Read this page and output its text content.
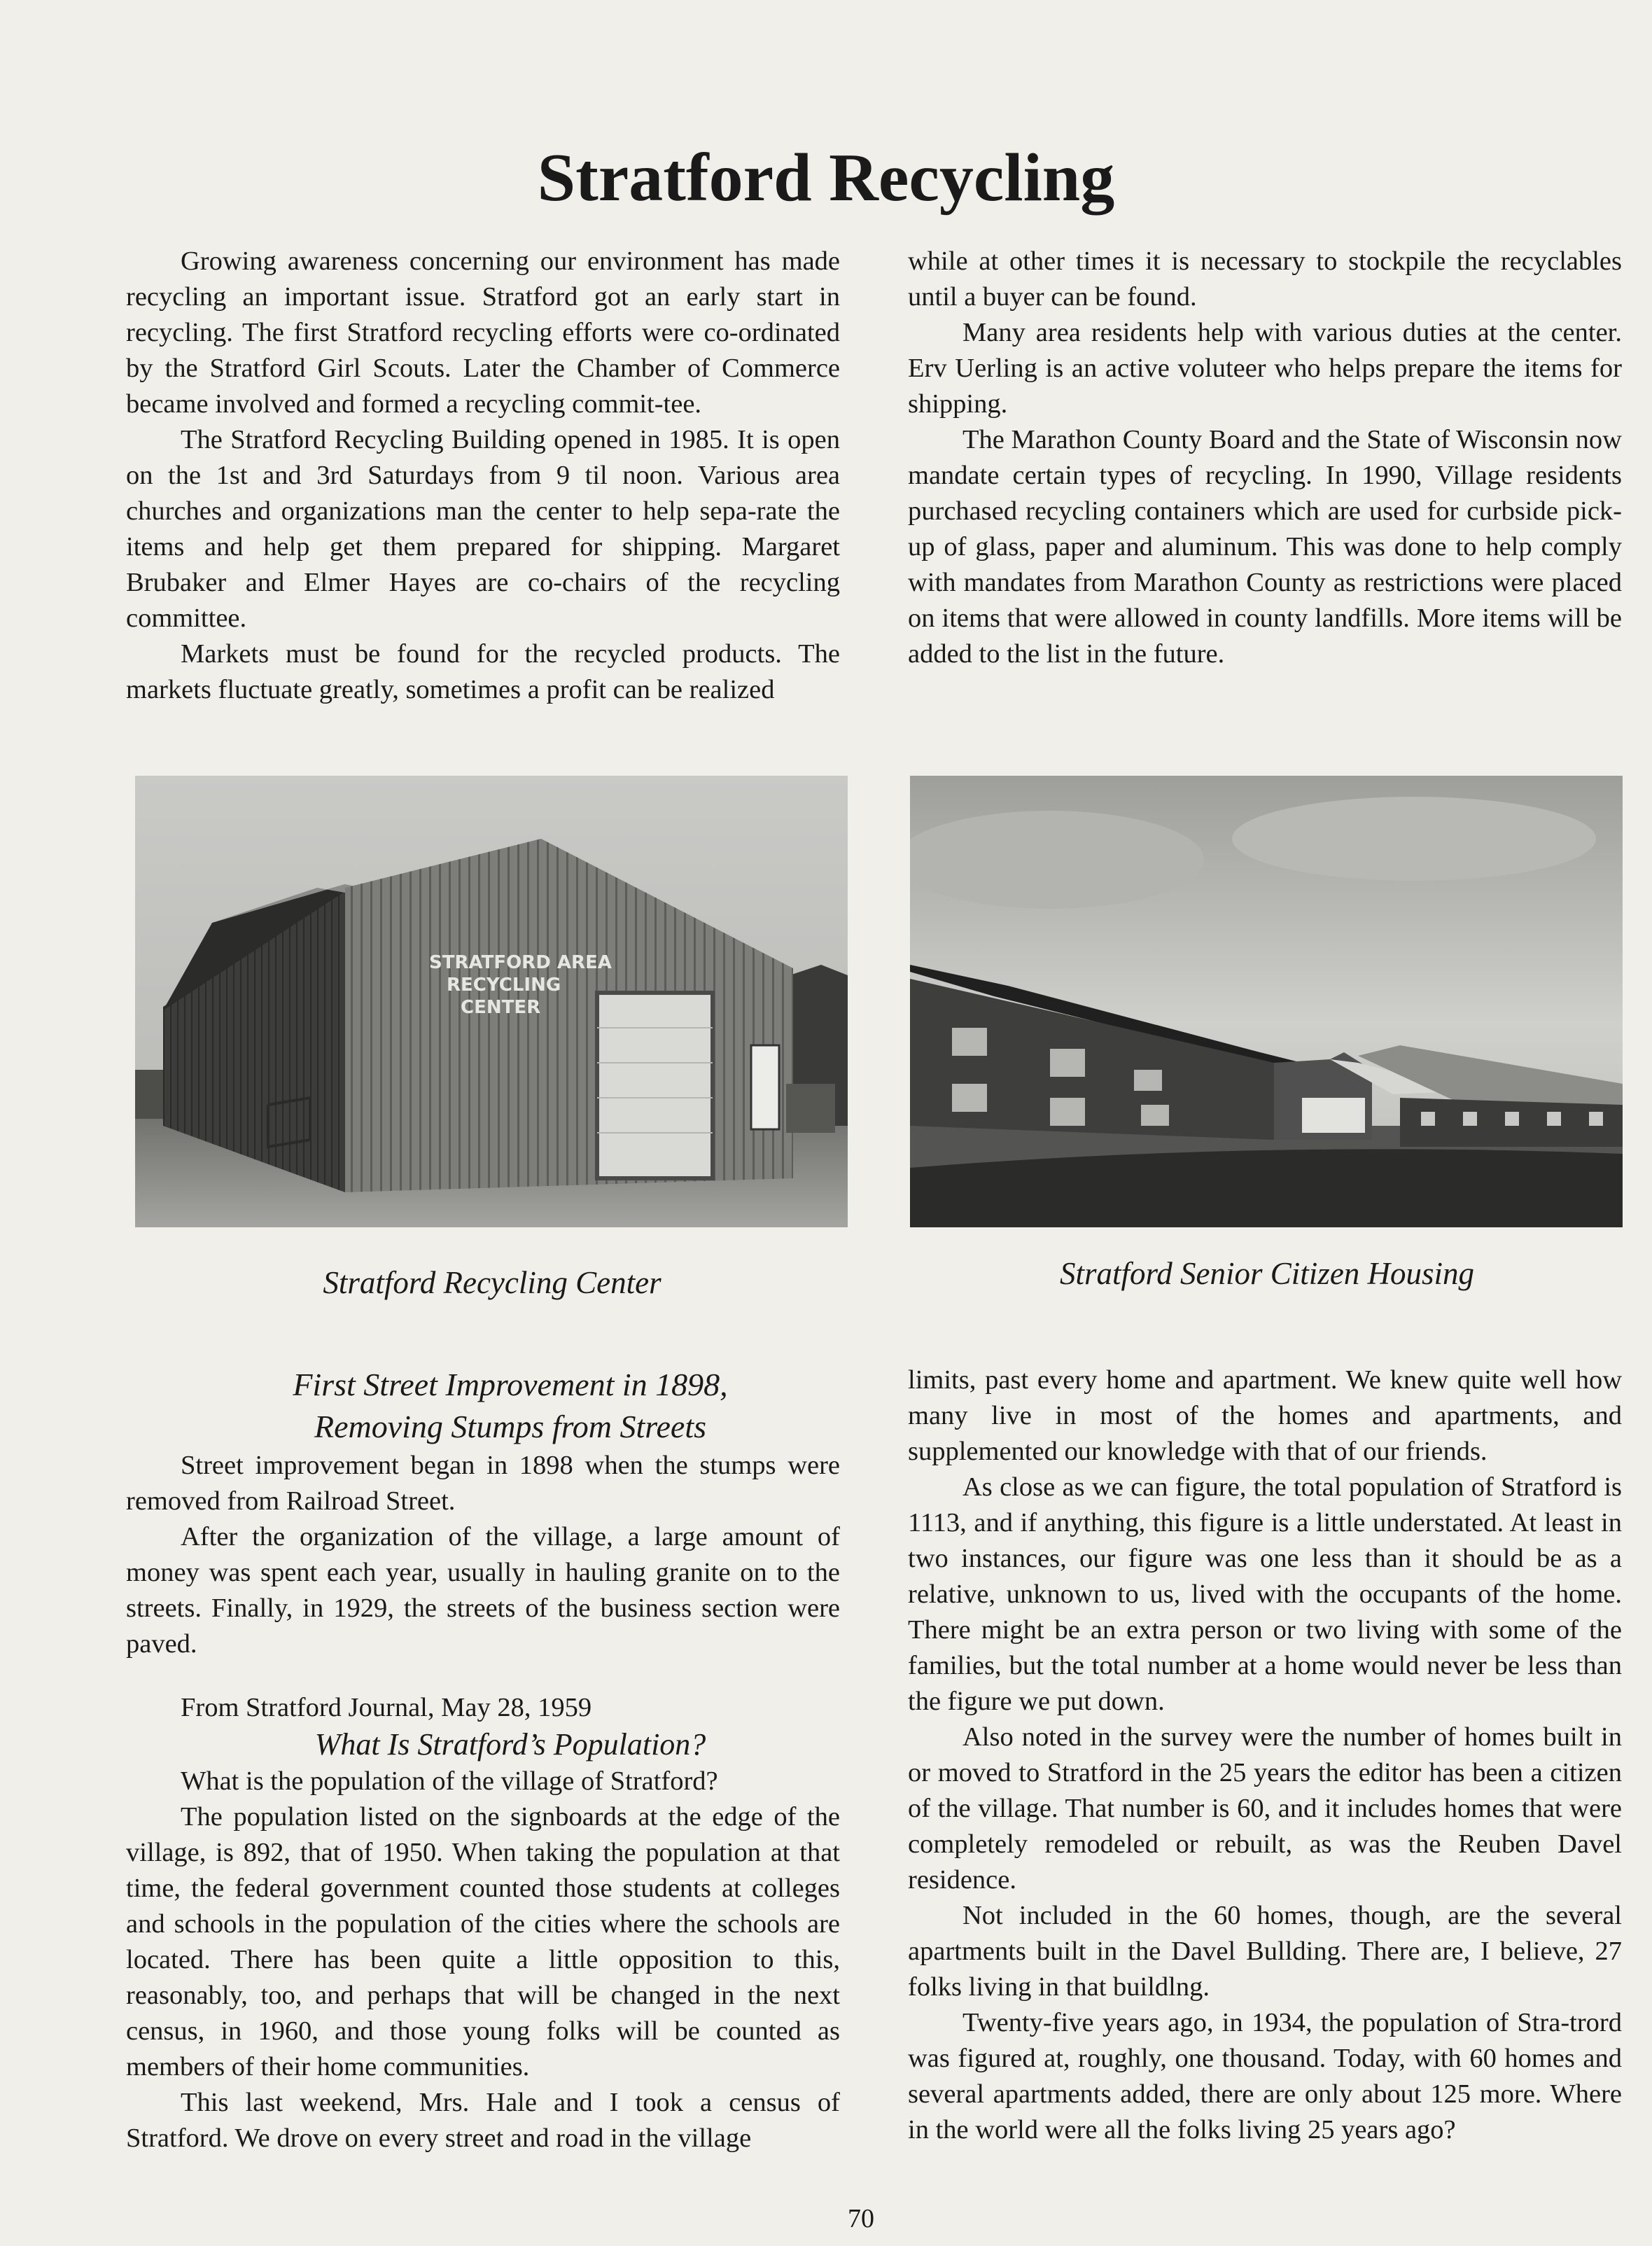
Stratford Recycling

Growing awareness concerning our environment has made recycling an important issue. Stratford got an early start in recycling. The first Stratford recycling efforts were co-ordinated by the Stratford Girl Scouts. Later the Chamber of Commerce became involved and formed a recycling commit-tee.

The Stratford Recycling Building opened in 1985. It is open on the 1st and 3rd Saturdays from 9 til noon. Various area churches and organizations man the center to help sepa-rate the items and help get them prepared for shipping. Margaret Brubaker and Elmer Hayes are co-chairs of the recycling committee.

Markets must be found for the recycled products. The markets fluctuate greatly, sometimes a profit can be realized

while at other times it is necessary to stockpile the recyclables until a buyer can be found.

Many area residents help with various duties at the center. Erv Uerling is an active voluteer who helps prepare the items for shipping.

The Marathon County Board and the State of Wisconsin now mandate certain types of recycling. In 1990, Village residents purchased recycling containers which are used for curbside pick-up of glass, paper and aluminum. This was done to help comply with mandates from Marathon County as restrictions were placed on items that were allowed in county landfills. More items will be added to the list in the future.

STRATFORD AREA
RECYCLING
CENTER
Stratford Recycling Center	Stratford Senior Citizen Housing

First Street Improvement in 1898,

Removing Stumps from Streets

Street improvement began in 1898 when the stumps were removed from Railroad Street.

After the organization of the village, a large amount of money was spent each year, usually in hauling granite on to the streets. Finally, in 1929, the streets of the business section were paved.

From Stratford Journal, May 28, 1959

What Is Stratford’s Population?

What is the population of the village of Stratford?

The population listed on the signboards at the edge of the village, is 892, that of 1950. When taking the population at that time, the federal government counted those students at colleges and schools in the population of the cities where the schools are located. There has been quite a little opposition to this, reasonably, too, and perhaps that will be changed in the next census, in 1960, and those young folks will be counted as members of their home communities.

This last weekend, Mrs. Hale and I took a census of Stratford. We drove on every street and road in the village

limits, past every home and apartment. We knew quite well how many live in most of the homes and apartments, and supplemented our knowledge with that of our friends.

As close as we can figure, the total population of Stratford is 1113, and if anything, this figure is a little understated. At least in two instances, our figure was one less than it should be as a relative, unknown to us, lived with the occupants of the home. There might be an extra person or two living with some of the families, but the total number at a home would never be less than the figure we put down.

Also noted in the survey were the number of homes built in or moved to Stratford in the 25 years the editor has been a citizen of the village. That number is 60, and it includes homes that were completely remodeled or rebuilt, as was the Reuben Davel residence.

Not included in the 60 homes, though, are the several apartments built in the Davel Bullding. There are, I believe, 27 folks living in that buildlng.

Twenty-five years ago, in 1934, the population of Stra-trord was figured at, roughly, one thousand. Today, with 60 homes and several apartments added, there are only about 125 more. Where in the world were all the folks living 25 years ago?

70
